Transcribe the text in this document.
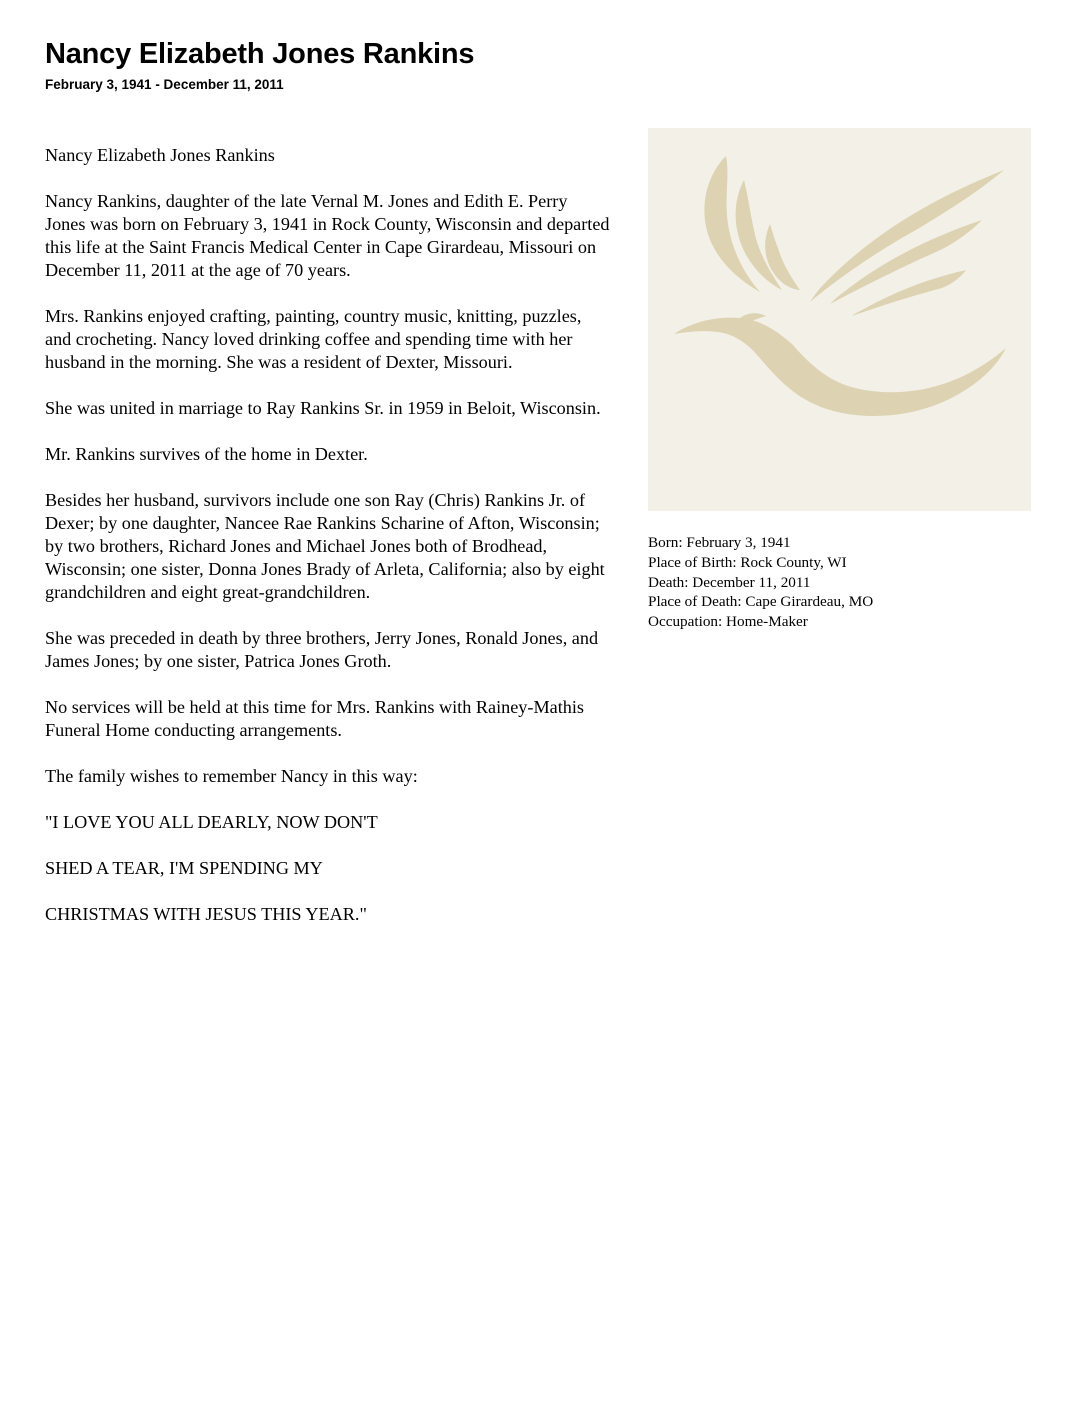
Nancy Elizabeth Jones Rankins
February 3, 1941 - December 11, 2011

Nancy Elizabeth Jones Rankins

Nancy Rankins, daughter of the late Vernal M. Jones and Edith E. Perry Jones was born on February 3, 1941 in Rock County, Wisconsin and departed this life at the Saint Francis Medical Center in Cape Girardeau, Missouri on December 11, 2011 at the age of 70 years.

Mrs. Rankins enjoyed crafting, painting, country music, knitting, puzzles, and crocheting. Nancy loved drinking coffee and spending time with her husband in the morning. She was a resident of Dexter, Missouri.

She was united in marriage to Ray Rankins Sr. in 1959 in Beloit, Wisconsin.

Mr. Rankins survives of the home in Dexter.

Besides her husband, survivors include one son Ray (Chris) Rankins Jr. of Dexer; by one daughter, Nancee Rae Rankins Scharine of Afton, Wisconsin; by two brothers, Richard Jones and Michael Jones both of Brodhead, Wisconsin; one sister, Donna Jones Brady of Arleta, California; also by eight grandchildren and eight great-grandchildren.

She was preceded in death by three brothers, Jerry Jones, Ronald Jones, and James Jones; by one sister, Patrica Jones Groth.

No services will be held at this time for Mrs. Rankins with Rainey-Mathis Funeral Home conducting arrangements.

The family wishes to remember Nancy in this way:

"I LOVE YOU ALL DEARLY, NOW DON'T

SHED A TEAR, I'M SPENDING MY

CHRISTMAS WITH JESUS THIS YEAR."

Born: February 3, 1941
Place of Birth: Rock County, WI
Death: December 11, 2011
Place of Death: Cape Girardeau, MO
Occupation: Home-Maker
